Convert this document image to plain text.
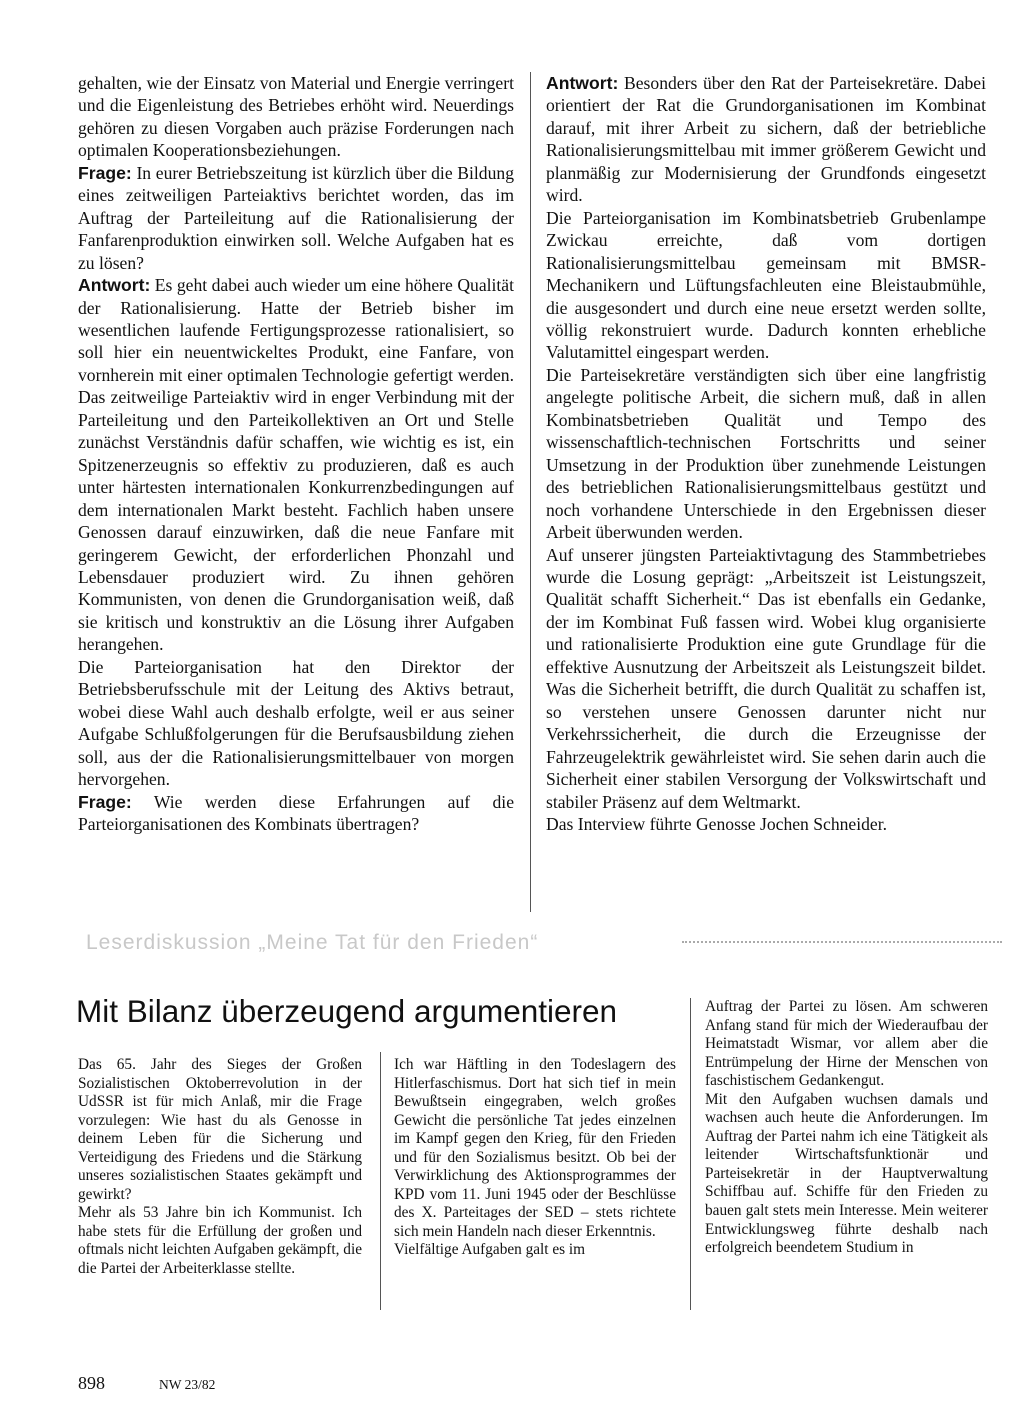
gehalten, wie der Einsatz von Material und Energie verringert und die Eigenleistung des Betriebes erhöht wird. Neuerdings gehören zu diesen Vorgaben auch präzise Forderungen nach optimalen Kooperationsbeziehungen.

Frage: In eurer Betriebszeitung ist kürzlich über die Bildung eines zeitweiligen Parteiaktivs berichtet worden, das im Auftrag der Parteileitung auf die Rationalisierung der Fanfarenproduktion einwirken soll. Welche Aufgaben hat es zu lösen?

Antwort: Es geht dabei auch wieder um eine höhere Qualität der Rationalisierung. Hatte der Betrieb bisher im wesentlichen laufende Fertigungsprozesse rationalisiert, so soll hier ein neuentwickeltes Produkt, eine Fanfare, von vornherein mit einer optimalen Technologie gefertigt werden. Das zeitweilige Parteiaktiv wird in enger Verbindung mit der Parteileitung und den Parteikollektiven an Ort und Stelle zunächst Verständnis dafür schaffen, wie wichtig es ist, ein Spitzenerzeugnis so effektiv zu produzieren, daß es auch unter härtesten internationalen Konkurrenzbedingungen auf dem internationalen Markt besteht. Fachlich haben unsere Genossen darauf einzuwirken, daß die neue Fanfare mit geringerem Gewicht, der erforderlichen Phonzahl und Lebensdauer produziert wird. Zu ihnen gehören Kommunisten, von denen die Grundorganisation weiß, daß sie kritisch und konstruktiv an die Lösung ihrer Aufgaben herangehen.

Die Parteiorganisation hat den Direktor der Betriebsberufsschule mit der Leitung des Aktivs betraut, wobei diese Wahl auch deshalb erfolgte, weil er aus seiner Aufgabe Schlußfolgerungen für die Berufsausbildung ziehen soll, aus der die Rationalisierungsmittelbauer von morgen hervorgehen.

Frage: Wie werden diese Erfahrungen auf die Parteiorganisationen des Kombinats übertragen?

Antwort: Besonders über den Rat der Parteisekretäre. Dabei orientiert der Rat die Grundorganisationen im Kombinat darauf, mit ihrer Arbeit zu sichern, daß der betriebliche Rationalisierungsmittelbau mit immer größerem Gewicht und planmäßig zur Modernisierung der Grundfonds eingesetzt wird.

Die Parteiorganisation im Kombinatsbetrieb Grubenlampe Zwickau erreichte, daß vom dortigen Rationalisierungsmittelbau gemeinsam mit BMSR-Mechanikern und Lüftungsfachleuten eine Bleistaubmühle, die ausgesondert und durch eine neue ersetzt werden sollte, völlig rekonstruiert wurde. Dadurch konnten erhebliche Valutamittel eingespart werden.

Die Parteisekretäre verständigten sich über eine langfristig angelegte politische Arbeit, die sichern muß, daß in allen Kombinatsbetrieben Qualität und Tempo des wissenschaftlich-technischen Fortschritts und seiner Umsetzung in der Produktion über zunehmende Leistungen des betrieblichen Rationalisierungsmittelbaus gestützt und noch vorhandene Unterschiede in den Ergebnissen dieser Arbeit überwunden werden.

Auf unserer jüngsten Parteiaktivtagung des Stammbetriebes wurde die Losung geprägt: „Arbeitszeit ist Leistungszeit, Qualität schafft Sicherheit.“ Das ist ebenfalls ein Gedanke, der im Kombinat Fuß fassen wird. Wobei klug organisierte und rationalisierte Produktion eine gute Grundlage für die effektive Ausnutzung der Arbeitszeit als Leistungszeit bildet. Was die Sicherheit betrifft, die durch Qualität zu schaffen ist, so verstehen unsere Genossen darunter nicht nur Verkehrssicherheit, die durch die Erzeugnisse der Fahrzeugelektrik gewährleistet wird. Sie sehen darin auch die Sicherheit einer stabilen Versorgung der Volkswirtschaft und stabiler Präsenz auf dem Weltmarkt.

Das Interview führte Genosse Jochen Schneider.

Leserdiskussion „Meine Tat für den Frieden“
Mit Bilanz überzeugend argumentieren

Das 65. Jahr des Sieges der Großen Sozialistischen Oktoberrevolution in der UdSSR ist für mich Anlaß, mir die Frage vorzulegen: Wie hast du als Genosse in deinem Leben für die Sicherung und Verteidigung des Friedens und die Stärkung unseres sozialistischen Staates gekämpft und gewirkt?

Mehr als 53 Jahre bin ich Kommunist. Ich habe stets für die Erfüllung der großen und oftmals nicht leichten Aufgaben gekämpft, die die Partei der Arbeiterklasse stellte.

Ich war Häftling in den Todeslagern des Hitlerfaschismus. Dort hat sich tief in mein Bewußtsein eingegraben, welch großes Gewicht die persönliche Tat jedes einzelnen im Kampf gegen den Krieg, für den Frieden und für den Sozialismus besitzt. Ob bei der Verwirklichung des Aktionsprogrammes der KPD vom 11. Juni 1945 oder der Beschlüsse des X. Parteitages der SED – stets richtete sich mein Handeln nach dieser Erkenntnis.

Vielfältige Aufgaben galt es im

Auftrag der Partei zu lösen. Am schweren Anfang stand für mich der Wiederaufbau der Heimatstadt Wismar, vor allem aber die Entrümpelung der Hirne der Menschen von faschistischem Gedankengut.

Mit den Aufgaben wuchsen damals und wachsen auch heute die Anforderungen. Im Auftrag der Partei nahm ich eine Tätigkeit als leitender Wirtschaftsfunktionär und Parteisekretär in der Hauptverwaltung Schiffbau auf. Schiffe für den Frieden zu bauen galt stets mein Interesse. Mein weiterer Entwicklungsweg führte deshalb nach erfolgreich beendetem Studium in

898	NW 23/82
